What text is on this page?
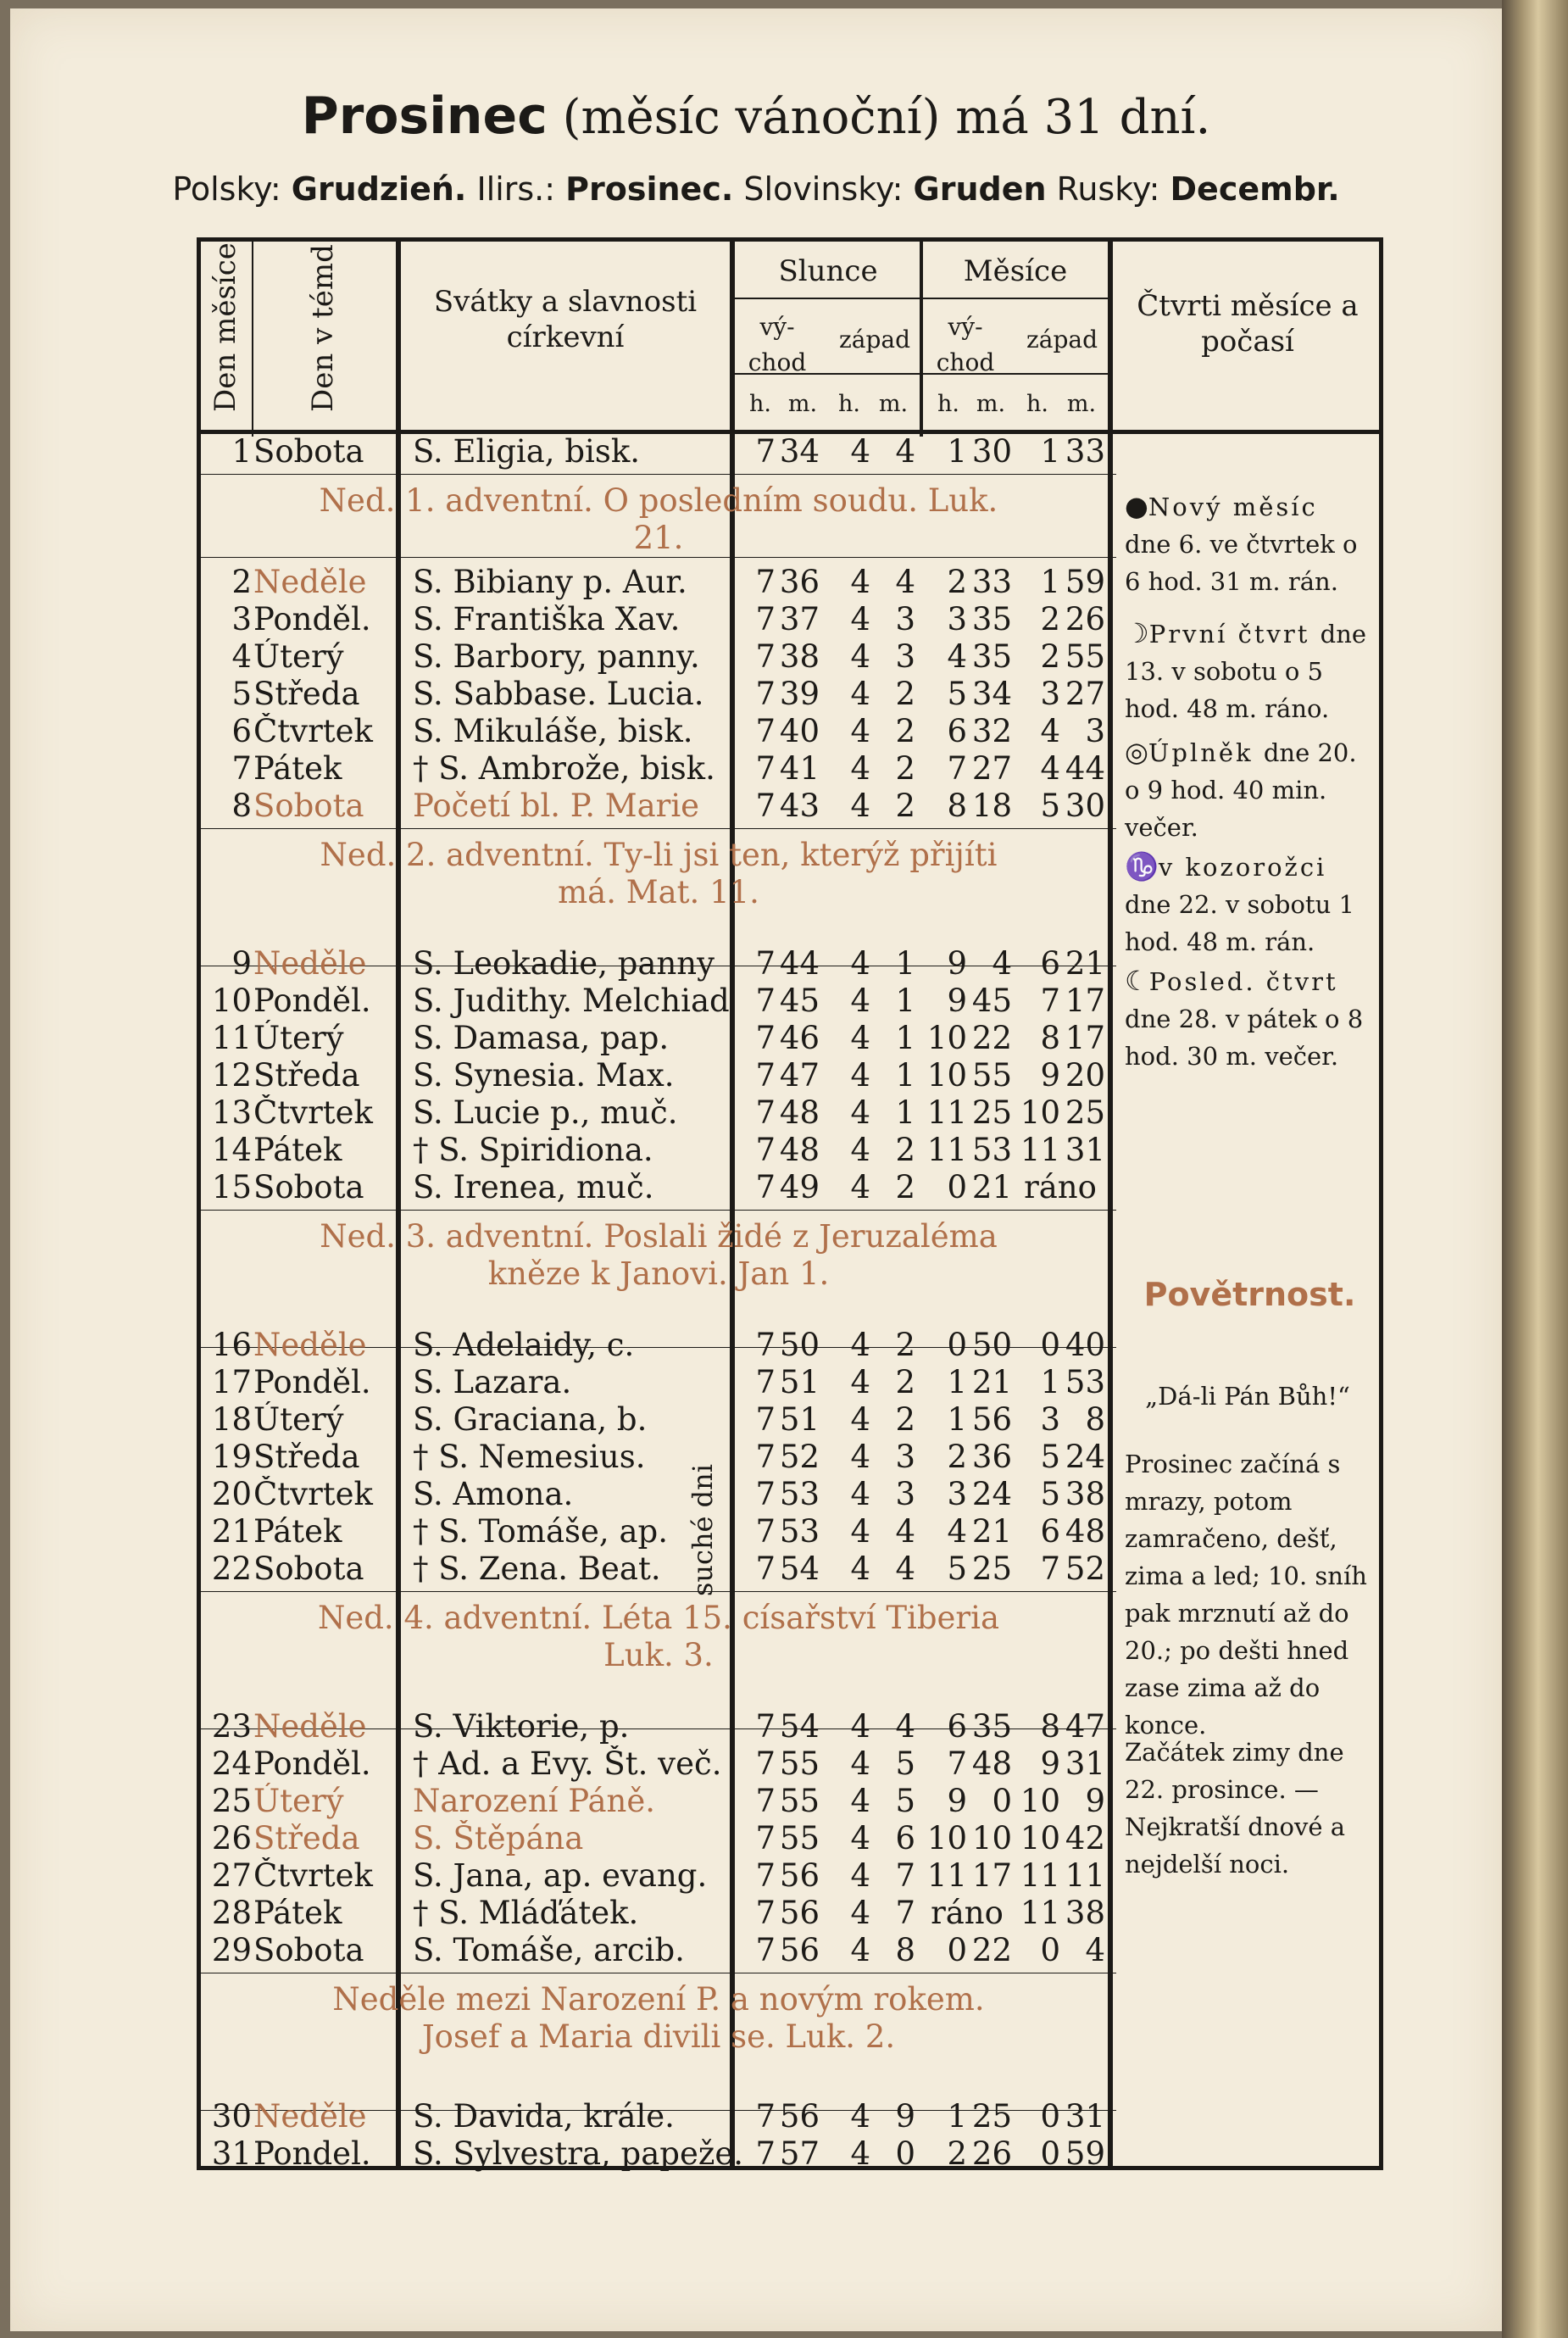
Prosinec (měsíc vánoční) má 31 dní.
Polsky: Grudzień. Ilirs.: Prosinec. Slovinsky: Gruden Rusky: Decembr.
Den měsíce Den v témd.	Svátky a slavnosti církevní
Slunce	Měsíce
vý-chod
západ	vý-chod
západ
h. m. h. m.	h. m. h. m.
Čtvrti měsíce a počasí
1 Sobota	S. Eligia, bisk.	7 34 4 4	1 30 1 33
Ned. 1. adventní. O posledním soudu. Luk. 21.
2 Neděle	S. Bibiany p. Aur.	7 36 4 4	2 33 1 59
3 Ponděl.	S. Františka Xav.	7 37 4 3	3 35 2 26
4 Úterý	S. Barbory, panny.	7 38 4 3	4 35 2 55
5 Středa	S. Sabbase. Lucia.	7 39 4 2	5 34 3 27
6 Čtvrtek	S. Mikuláše, bisk.	7 40 4 2	6 32 4 3
7 Pátek	† S. Ambrože, bisk.	7 41 4 2	7 27 4 44
8 Sobota	Početí bl. P. Marie	7 43 4 2	8 18 5 30
Ned. 2. adventní. Ty-li jsi ten, kterýž přijíti má. Mat. 11.
9 Neděle	S. Leokadie, panny	7 44 4 1	9 4 6 21
10 Ponděl.	S. Judithy. Melchiad 7 45 4 1	9 45 7 17
11 Úterý	S. Damasa, pap.	7 46 4 1 10 22 8 17
12 Středa	S. Synesia. Max.	7 47 4 1 10 55 9 20
13 Čtvrtek	S. Lucie p., muč.	7 48 4 1 11 25 10 25
14 Pátek	† S. Spiridiona.	7 48 4 2 11 53 11 31
15 Sobota	S. Irenea, muč.	7 49 4 2	0 21 ráno
Ned. 3. adventní. Poslali židé z Jeruzaléma kněze k Janovi. Jan 1.
16 Neděle	S. Adelaidy, c.	7 50 4 2	0 50 0 40
17 Ponděl.	S. Lazara.	7 51 4 2	1 21 1 53
18 Úterý	S. Graciana, b.	7 51 4 2	1 56 3 8
19 Středa	† S. Nemesius.	7 52 4 3	2 36 5 24
20 Čtvrtek	S. Amona.	7 53 4 3	3 24 5 38
21 Pátek	† S. Tomáše, ap.	7 53 4 4	4 21 6 48
22 Sobota	† S. Zena. Beat.	7 54 4 4	5 25 7 52
Ned. 4. adventní. Léta 15. císařství Tiberia Luk. 3.
23 Neděle	S. Viktorie, p.	7 54 4 4	6 35 8 47
24 Ponděl.	† Ad. a Evy. Št. več.	7 55 4 5	7 48 9 31
25 Úterý	Narození Páně.	7 55 4 5	9 0 10 9
26 Středa	S. Štěpána	7 55 4 6 10 10 10 42
27 Čtvrtek	S. Jana, ap. evang.	7 56 4 7 11 17 11 11
28 Pátek	† S. Mláďátek.	7 56 4 7 ráno 11 38
29 Sobota	S. Tomáše, arcib.	7 56 4 8	0 22 0 4
Neděle mezi Narození P. a novým rokem. Josef a Maria divili se. Luk. 2.
30 Neděle	S. Davida, krále.	7 56 4 9	1 25 0 31
31 Pondel.	S. Sylvestra, papeže. 7 57 4 0	2 26 0 59
suché dni
●Nový měsíc dne 6. ve čtvrtek o 6 hod. 31 m. rán.
☽První čtvrt dne 13. v sobotu o 5 hod. 48 m. ráno.
◎Úplněk dne 20. o 9 hod. 40 min. večer.
♑v kozorožci dne 22. v sobotu 1 hod. 48 m. rán.
☾Posled. čtvrt dne 28. v pátek o 8 hod. 30 m. večer.
Povětrnost.
„Dá-li Pán Bůh!“
Prosinec začíná s mrazy, potom zamračeno, dešť, zima a led; 10. sníh pak mrznutí až do 20.; po dešti hned zase zima až do konce.
Začátek zimy dne 22. prosince. — Nejkratší dnové a nejdelší noci.
